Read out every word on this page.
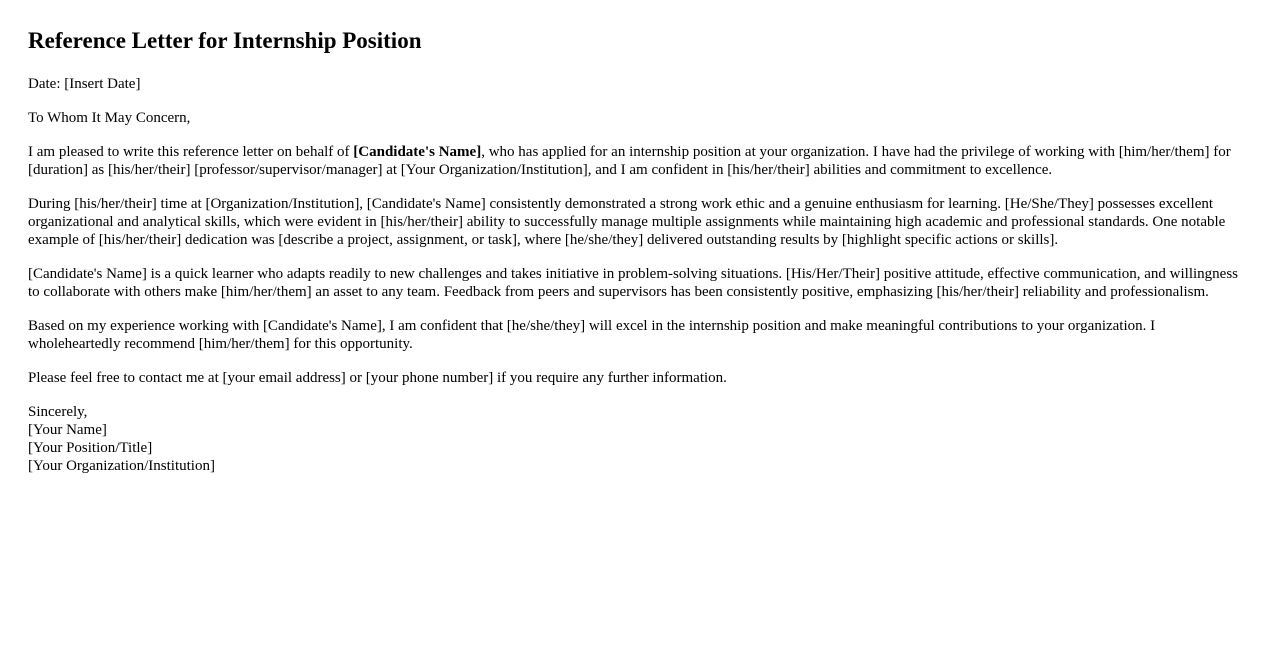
Reference Letter for Internship Position

Date: [Insert Date]

To Whom It May Concern,

I am pleased to write this reference letter on behalf of [Candidate's Name], who has applied for an internship position at your organization. I have had the privilege of working with [him/her/them] for [duration] as [his/her/their] [professor/supervisor/manager] at [Your Organization/Institution], and I am confident in [his/her/their] abilities and commitment to excellence.

During [his/her/their] time at [Organization/Institution], [Candidate's Name] consistently demonstrated a strong work ethic and a genuine enthusiasm for learning. [He/She/They] possesses excellent organizational and analytical skills, which were evident in [his/her/their] ability to successfully manage multiple assignments while maintaining high academic and professional standards. One notable example of [his/her/their] dedication was [describe a project, assignment, or task], where [he/she/they] delivered outstanding results by [highlight specific actions or skills].

[Candidate's Name] is a quick learner who adapts readily to new challenges and takes initiative in problem-solving situations. [His/Her/Their] positive attitude, effective communication, and willingness to collaborate with others make [him/her/them] an asset to any team. Feedback from peers and supervisors has been consistently positive, emphasizing [his/her/their] reliability and professionalism.

Based on my experience working with [Candidate's Name], I am confident that [he/she/they] will excel in the internship position and make meaningful contributions to your organization. I wholeheartedly recommend [him/her/them] for this opportunity.

Please feel free to contact me at [your email address] or [your phone number] if you require any further information.

Sincerely,
[Your Name]
[Your Position/Title]
[Your Organization/Institution]
